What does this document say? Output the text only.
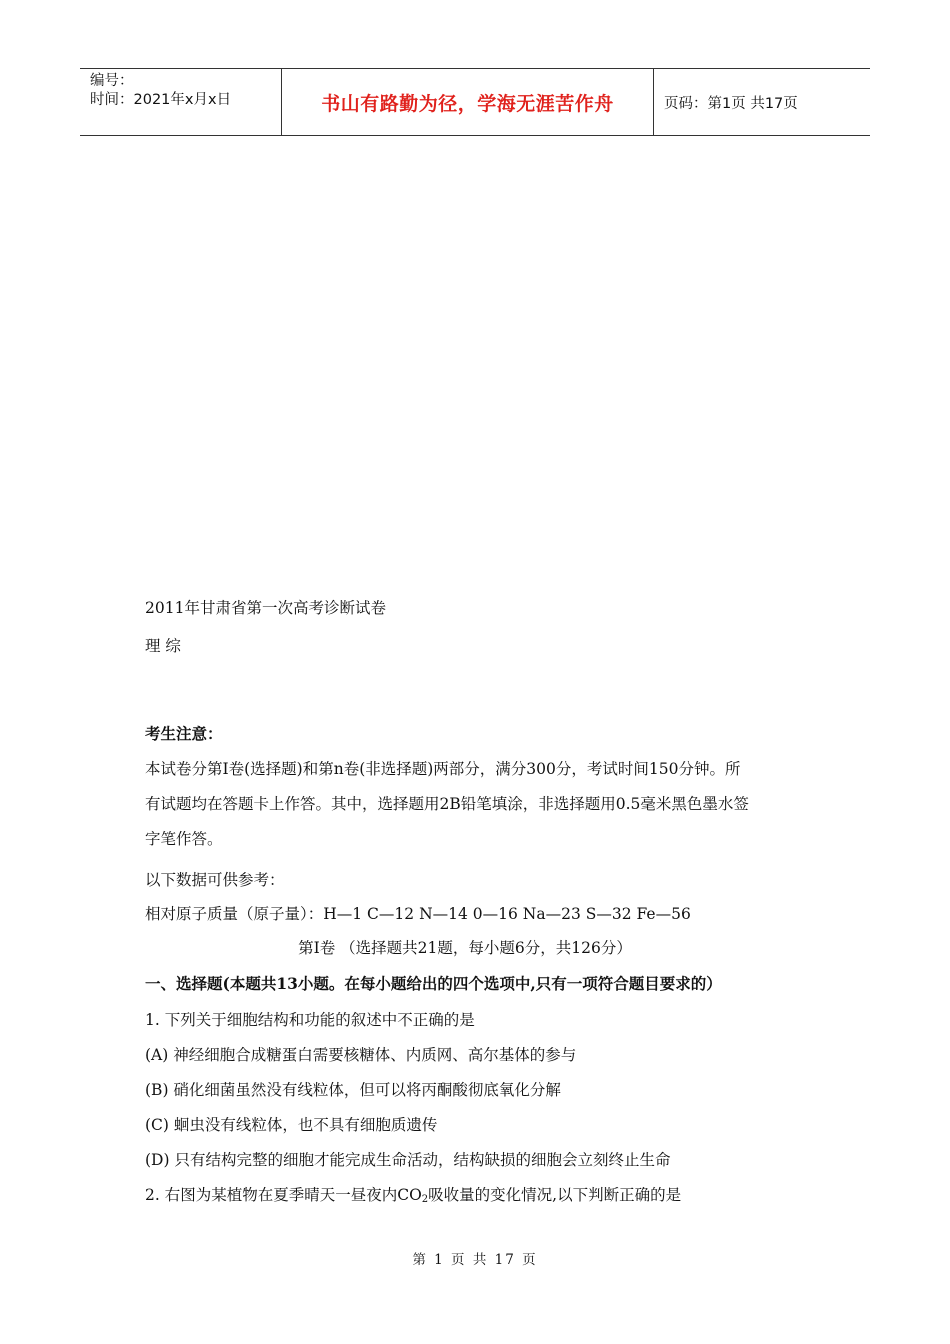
编号：
时间：2021年x月x日	书山有路勤为径，学海无涯苦作舟	页码：第1页 共17页
2011年甘肃省第一次高考诊断试卷
理 综
考生注意：
本试卷分第I卷(选择题)和第n卷(非选择题)两部分，满分300分，考试时间150分钟。所
有试题均在答题卡上作答。其中，选择题用2B铅笔填涂，非选择题用0.5毫米黑色墨水签
字笔作答。
以下数据可供参考：
相对原子质量（原子量）：H—1 C—12 N—14 0—16 Na—23 S—32 Fe—56
第I卷 （选择题共21题，每小题6分，共126分）
一、选择题(本题共13小题。在每小题给出的四个选项中,只有一项符合题目要求的）
1. 下列关于细胞结构和功能的叙述中不正确的是
(A) 神经细胞合成糖蛋白需要核糖体、内质网、高尔基体的参与
(B) 硝化细菌虽然没有线粒体，但可以将丙酮酸彻底氧化分解
(C) 蛔虫没有线粒体，也不具有细胞质遗传
(D) 只有结构完整的细胞才能完成生命活动，结构缺损的细胞会立刻终止生命
2. 右图为某植物在夏季晴天一昼夜内$CO_2$吸收量的变化情况,以下判断正确的是
第 1 页 共 17 页
